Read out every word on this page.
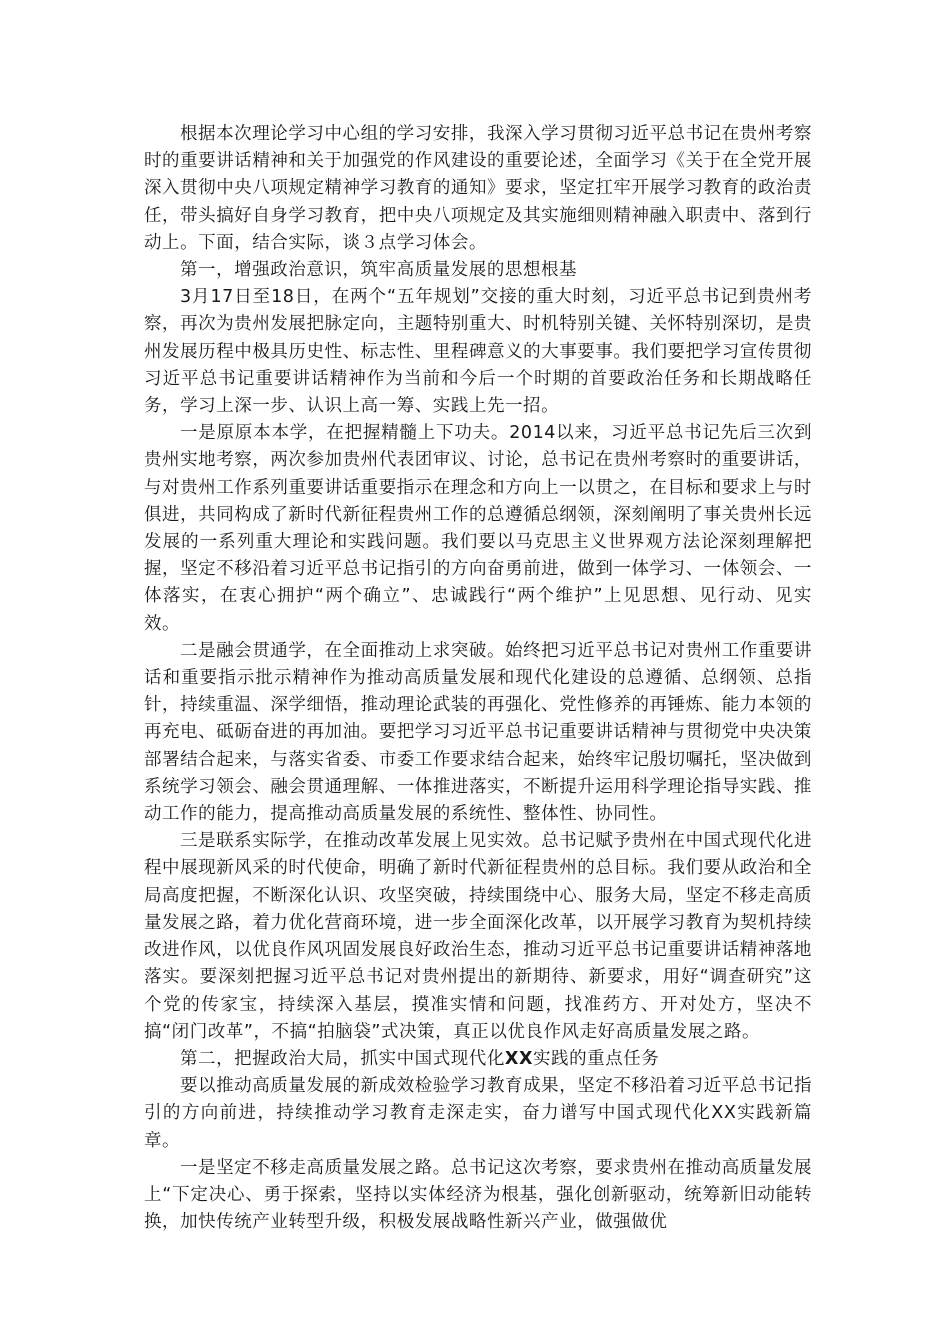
根据本次理论学习中心组的学习安排，我深入学习贯彻习近平总书记在贵州考察时的重要讲话精神和关于加强党的作风建设的重要论述，全面学习《关于在全党开展深入贯彻中央八项规定精神学习教育的通知》要求，坚定扛牢开展学习教育的政治责任，带头搞好自身学习教育，把中央八项规定及其实施细则精神融入职责中、落到行动上。下面，结合实际，谈３点学习体会。

第一，增强政治意识，筑牢高质量发展的思想根基

3月17日至18日，在两个“五年规划”交接的重大时刻，习近平总书记到贵州考察，再次为贵州发展把脉定向，主题特别重大、时机特别关键、关怀特别深切，是贵州发展历程中极具历史性、标志性、里程碑意义的大事要事。我们要把学习宣传贯彻习近平总书记重要讲话精神作为当前和今后一个时期的首要政治任务和长期战略任务，学习上深一步、认识上高一筹、实践上先一招。

一是原原本本学，在把握精髓上下功夫。2014以来，习近平总书记先后三次到贵州实地考察，两次参加贵州代表团审议、讨论，总书记在贵州考察时的重要讲话，与对贵州工作系列重要讲话重要指示在理念和方向上一以贯之，在目标和要求上与时俱进，共同构成了新时代新征程贵州工作的总遵循总纲领，深刻阐明了事关贵州长远发展的一系列重大理论和实践问题。我们要以马克思主义世界观方法论深刻理解把握，坚定不移沿着习近平总书记指引的方向奋勇前进，做到一体学习、一体领会、一体落实，在衷心拥护“两个确立”、忠诚践行“两个维护”上见思想、见行动、见实效。

二是融会贯通学，在全面推动上求突破。始终把习近平总书记对贵州工作重要讲话和重要指示批示精神作为推动高质量发展和现代化建设的总遵循、总纲领、总指针，持续重温、深学细悟，推动理论武装的再强化、党性修养的再锤炼、能力本领的再充电、砥砺奋进的再加油。要把学习习近平总书记重要讲话精神与贯彻党中央决策部署结合起来，与落实省委、市委工作要求结合起来，始终牢记殷切嘱托，坚决做到系统学习领会、融会贯通理解、一体推进落实，不断提升运用科学理论指导实践、推动工作的能力，提高推动高质量发展的系统性、整体性、协同性。

三是联系实际学，在推动改革发展上见实效。总书记赋予贵州在中国式现代化进程中展现新风采的时代使命，明确了新时代新征程贵州的总目标。我们要从政治和全局高度把握，不断深化认识、攻坚突破，持续围绕中心、服务大局，坚定不移走高质量发展之路，着力优化营商环境，进一步全面深化改革，以开展学习教育为契机持续改进作风，以优良作风巩固发展良好政治生态，推动习近平总书记重要讲话精神落地落实。要深刻把握习近平总书记对贵州提出的新期待、新要求，用好“调查研究”这个党的传家宝，持续深入基层，摸准实情和问题，找准药方、开对处方，坚决不搞“闭门改革”，不搞“拍脑袋”式决策，真正以优良作风走好高质量发展之路。

第二，把握政治大局，抓实中国式现代化XX实践的重点任务

要以推动高质量发展的新成效检验学习教育成果，坚定不移沿着习近平总书记指引的方向前进，持续推动学习教育走深走实，奋力谱写中国式现代化XX实践新篇章。

一是坚定不移走高质量发展之路。总书记这次考察，要求贵州在推动高质量发展上“下定决心、勇于探索，坚持以实体经济为根基，强化创新驱动，统筹新旧动能转换，加快传统产业转型升级，积极发展战略性新兴产业，做强做优
